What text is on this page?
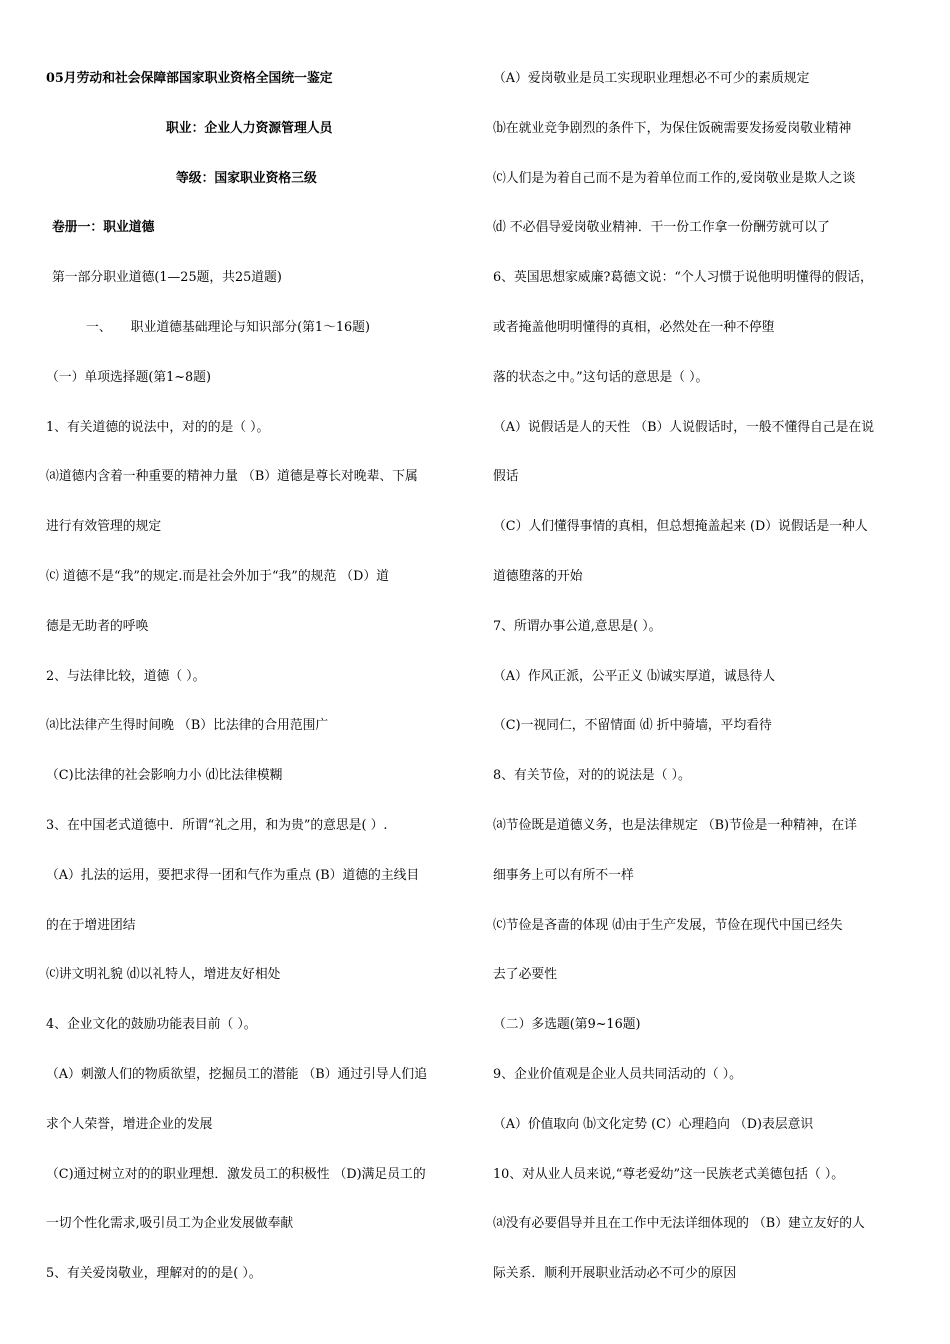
05月劳动和社会保障部国家职业资格全国统一鉴定
职业：企业人力资源管理人员
等级：国家职业资格三级
卷册一：职业道德
第一部分职业道德(1—25题，共25道题)
一、　　职业道德基础理论与知识部分(第1～16题)
（一）单项选择题(第1~8题)
1、有关道德的说法中，对的的是（ ）。
⒜道德内含着一种重要的精神力量 （B）道德是尊长对晚辈、下属
进行有效管理的规定
⒞ 道德不是“我”的规定.而是社会外加于“我”的规范 （D）道
德是无助者的呼唤
2、与法律比较，道德（ ）。
⒜比法律产生得时间晚 （B）比法律的合用范围广
（C)比法律的社会影响力小 ⒟比法律模糊
3、在中国老式道德中．所谓“礼之用，和为贵”的意思是( ）.
（A）扎法的运用，要把求得一团和气作为重点 (B）道德的主线目
的在于增进团结
⒞讲文明礼貌 ⒟以礼特人，增进友好相处
4、企业文化的鼓励功能表目前（ ）。
（A）刺激人们的物质欲望，挖掘员工的潜能 （B）通过引导人们追
求个人荣誉，增进企业的发展
（C)通过树立对的的职业理想．激发员工的积极性 （D)满足员工的
一切个性化需求,吸引员工为企业发展做奉献
5、有关爱岗敬业，理解对的的是( ）。
（A）爱岗敬业是员工实现职业理想必不可少的素质规定
⒝在就业竞争剧烈的条件下，为保住饭碗需要发扬爱岗敬业精神
⒞人们是为着自己而不是为着单位而工作的,爱岗敬业是欺人之谈
⒟ 不必倡导爱岗敬业精神．干一份工作拿一份酬劳就可以了
6、英国思想家威廉?葛德文说：“个人习惯于说他明明懂得的假话，
或者掩盖他明明懂得的真相，必然处在一种不停堕
落的状态之中。”这句话的意思是（ ）。
（A）说假话是人的天性 （B）人说假话时，一般不懂得自己是在说
假话
（C）人们懂得事情的真相，但总想掩盖起来 (D）说假话是一种人
道德堕落的开始
7、所谓办事公道,意思是( ）。
（A）作风正派，公平正义 ⒝诚实厚道，诚恳待人
（C)一视同仁，不留情面 ⒟ 折中骑墙，平均看待
8、有关节俭，对的的说法是（ ）。
⒜节俭既是道德义务，也是法律规定 （B)节俭是一种精神，在详
细事务上可以有所不一样
⒞节俭是吝啬的体现 ⒟由于生产发展，节俭在现代中国已经失
去了必要性
（二）多选题(第9~16题)
9、企业价值观是企业人员共同活动的（ ）。
（A）价值取向 ⒝文化定势 (C）心理趋向 （D)表层意识
10、对从业人员来说,“尊老爱幼”这一民族老式美德包括（ ）。
⒜没有必要倡导并且在工作中无法详细体现的 （B）建立友好的人
际关系．顺利开展职业活动必不可少的原因
